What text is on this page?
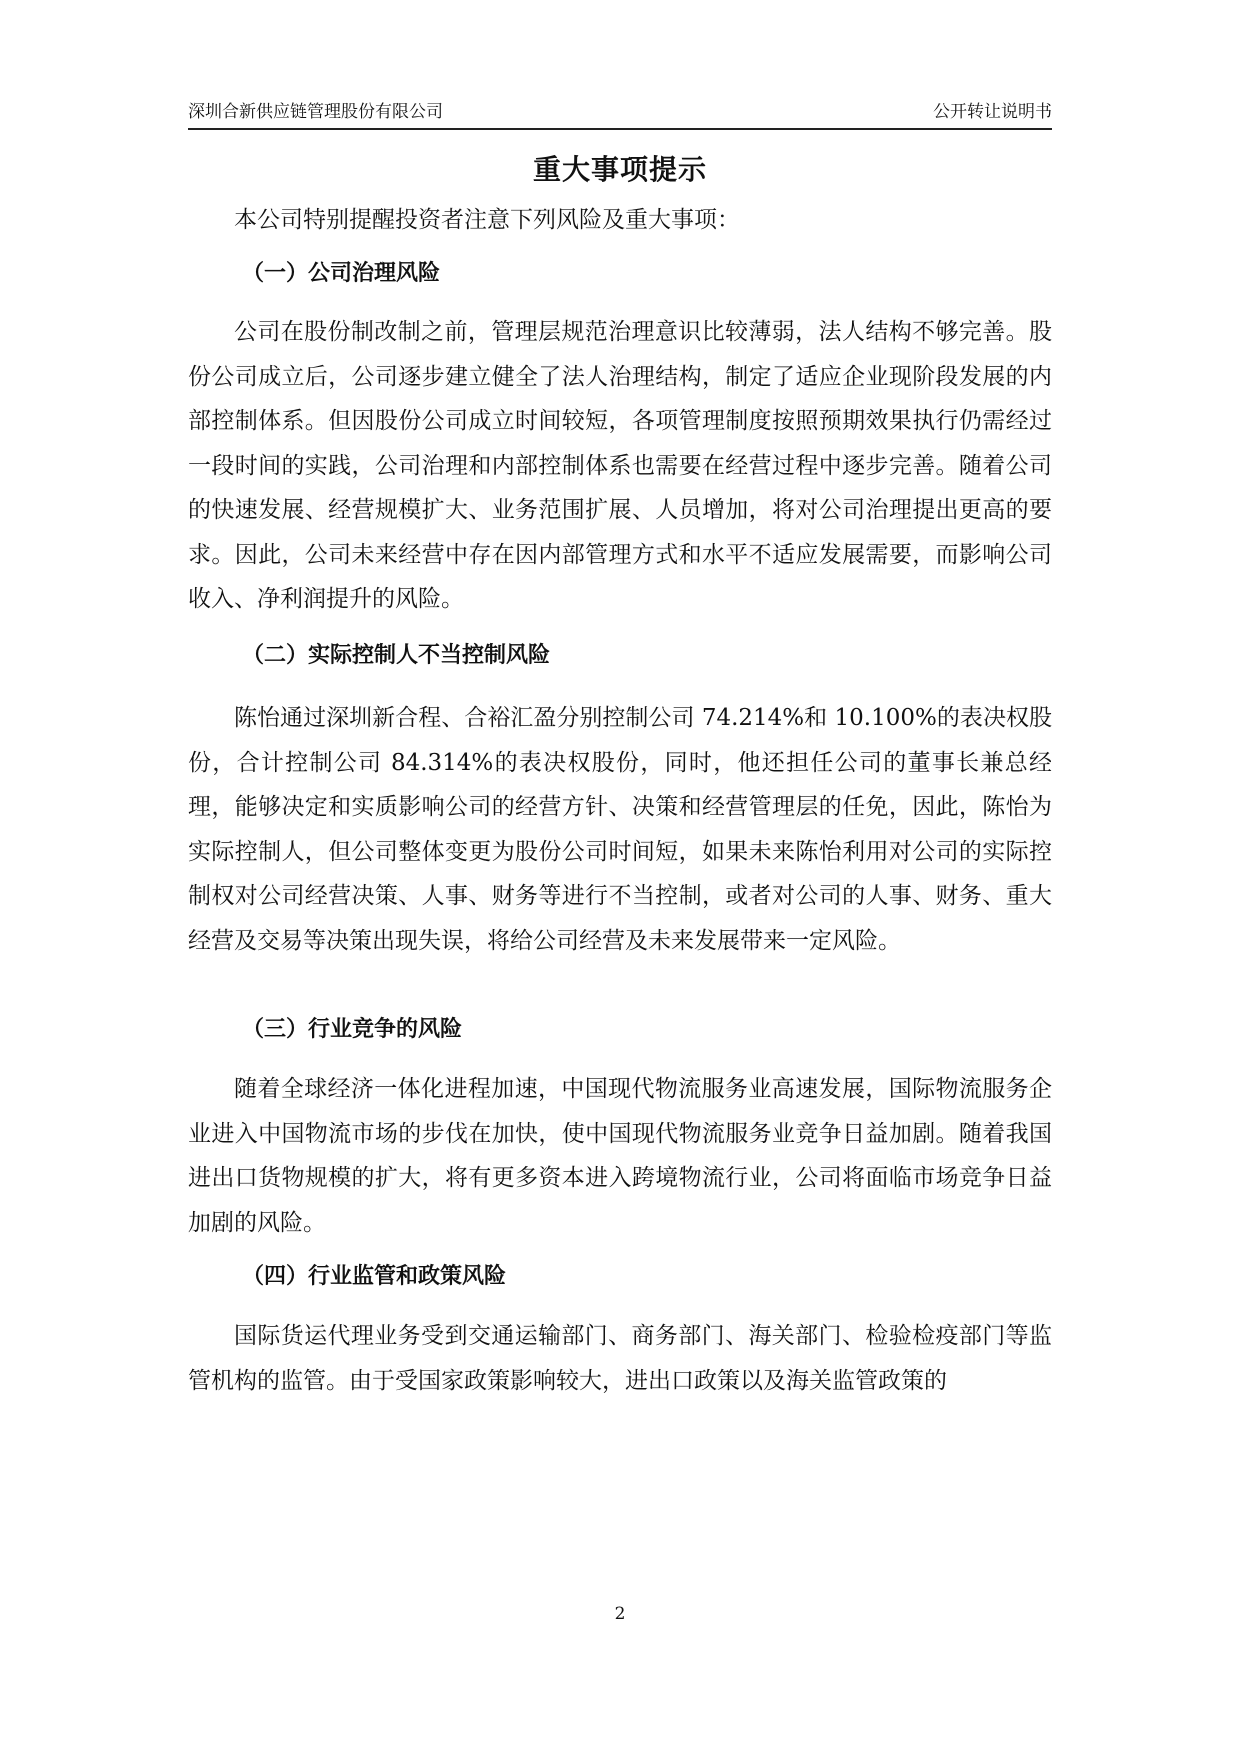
深圳合新供应链管理股份有限公司	公开转让说明书
重大事项提示

本公司特别提醒投资者注意下列风险及重大事项：

（一）公司治理风险

公司在股份制改制之前，管理层规范治理意识比较薄弱，法人结构不够完善。股份公司成立后，公司逐步建立健全了法人治理结构，制定了适应企业现阶段发展的内部控制体系。但因股份公司成立时间较短，各项管理制度按照预期效果执行仍需经过一段时间的实践，公司治理和内部控制体系也需要在经营过程中逐步完善。随着公司的快速发展、经营规模扩大、业务范围扩展、人员增加，将对公司治理提出更高的要求。因此，公司未来经营中存在因内部管理方式和水平不适应发展需要，而影响公司收入、净利润提升的风险。

（二）实际控制人不当控制风险

陈怡通过深圳新合程、合裕汇盈分别控制公司 74.214%和 10.100%的表决权股份，合计控制公司 84.314%的表决权股份，同时，他还担任公司的董事长兼总经理，能够决定和实质影响公司的经营方针、决策和经营管理层的任免，因此，陈怡为实际控制人，但公司整体变更为股份公司时间短，如果未来陈怡利用对公司的实际控制权对公司经营决策、人事、财务等进行不当控制，或者对公司的人事、财务、重大经营及交易等决策出现失误，将给公司经营及未来发展带来一定风险。

（三）行业竞争的风险

随着全球经济一体化进程加速，中国现代物流服务业高速发展，国际物流服务企业进入中国物流市场的步伐在加快，使中国现代物流服务业竞争日益加剧。随着我国进出口货物规模的扩大，将有更多资本进入跨境物流行业，公司将面临市场竞争日益加剧的风险。

（四）行业监管和政策风险

国际货运代理业务受到交通运输部门、商务部门、海关部门、检验检疫部门等监管机构的监管。由于受国家政策影响较大，进出口政策以及海关监管政策的

2
